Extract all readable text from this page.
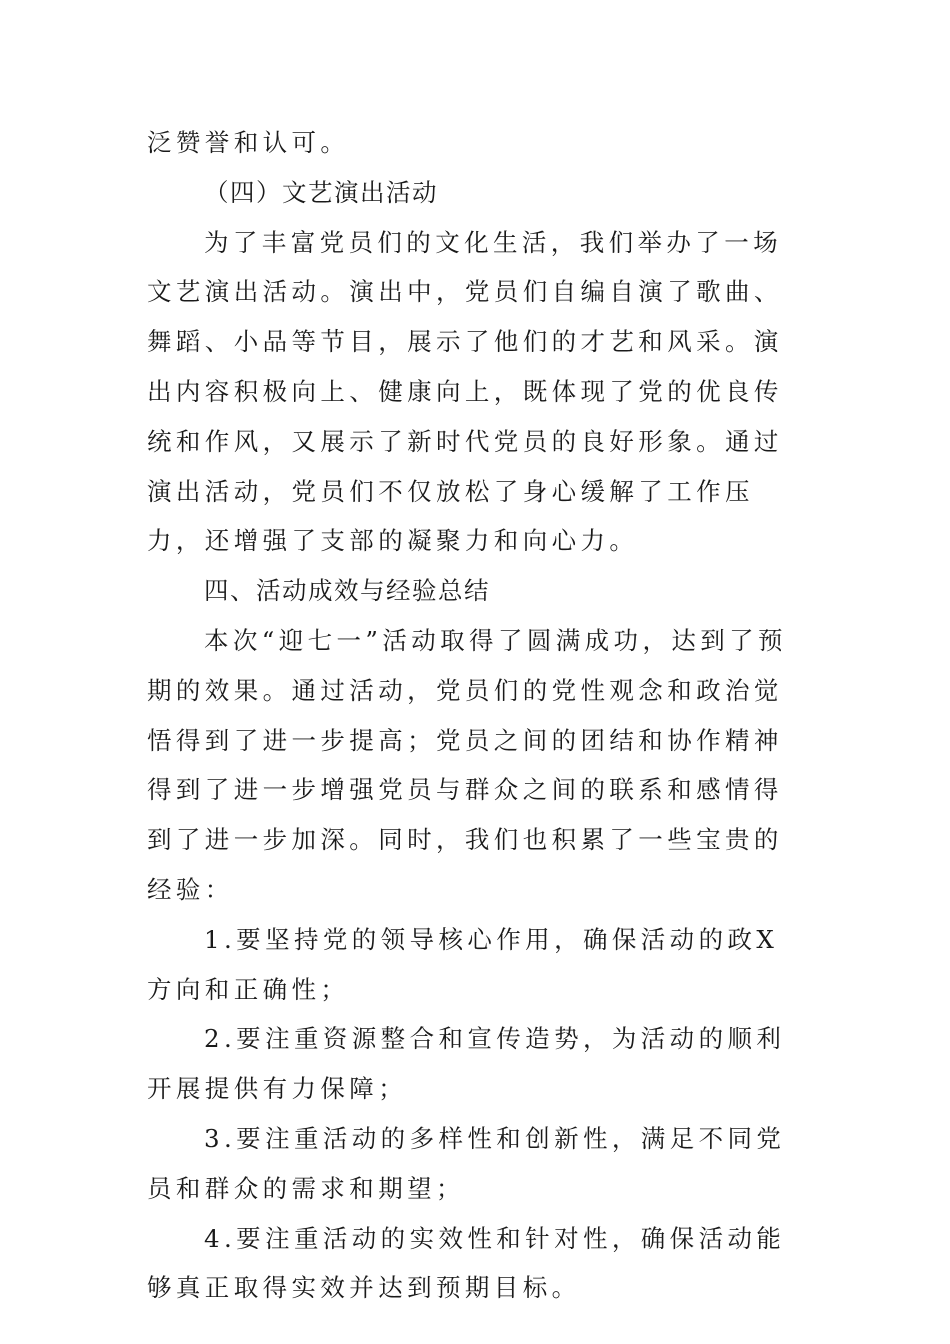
泛赞誉和认可。

（四）文艺演出活动

为了丰富党员们的文化生活，我们举办了一场文艺演出活动。演出中，党员们自编自演了歌曲、舞蹈、小品等节目，展示了他们的才艺和风采。演出内容积极向上、健康向上，既体现了党的优良传统和作风，又展示了新时代党员的良好形象。通过演出活动，党员们不仅放松了身心缓解了工作压力，还增强了支部的凝聚力和向心力。

四、活动成效与经验总结

本次“迎七一”活动取得了圆满成功，达到了预期的效果。通过活动，党员们的党性观念和政治觉悟得到了进一步提高；党员之间的团结和协作精神得到了进一步增强党员与群众之间的联系和感情得到了进一步加深。同时，我们也积累了一些宝贵的经验：

1.要坚持党的领导核心作用，确保活动的政X方向和正确性；

2.要注重资源整合和宣传造势，为活动的顺利开展提供有力保障；

3.要注重活动的多样性和创新性，满足不同党员和群众的需求和期望；

4.要注重活动的实效性和针对性，确保活动能够真正取得实效并达到预期目标。
